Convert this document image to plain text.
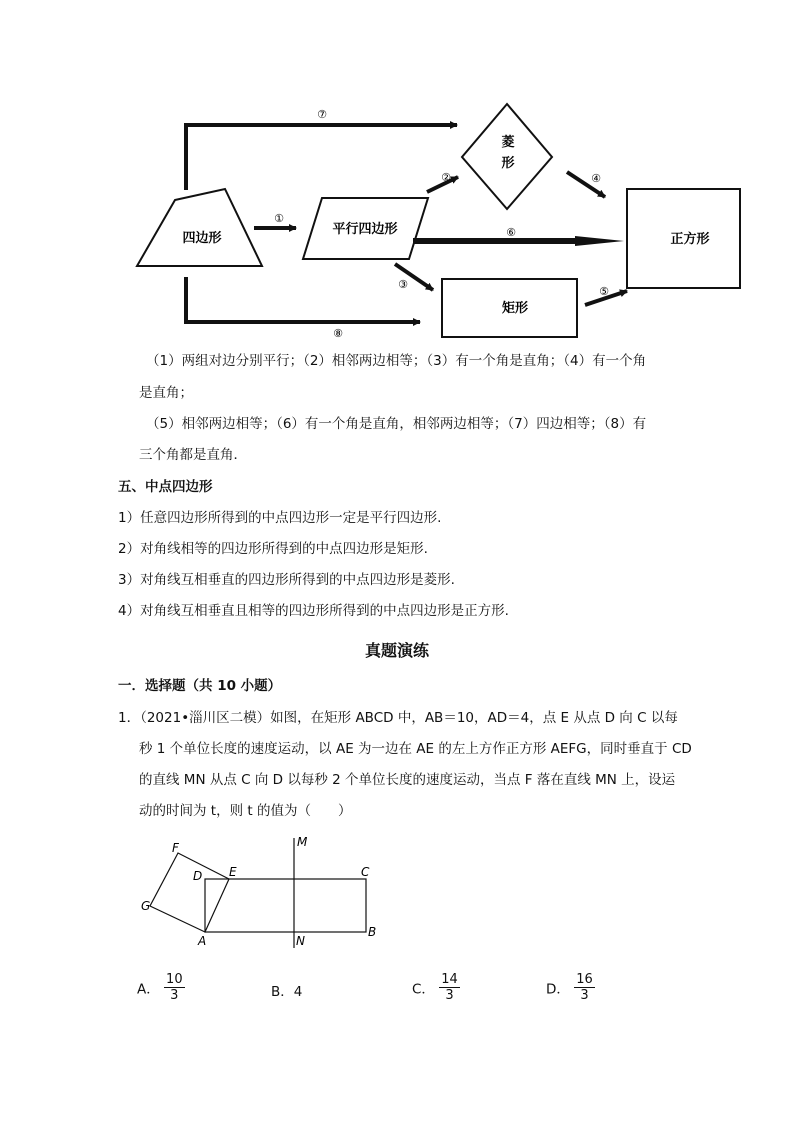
四边形
平行四边形
菱
形
矩形
正方形
①
②
③
④
⑤
⑥
⑦
⑧
（1）两组对边分别平行；（2）相邻两边相等；（3）有一个角是直角；（4）有一个角
是直角；
（5）相邻两边相等；（6）有一个角是直角，相邻两边相等；（7）四边相等；（8）有
三个角都是直角．
五、中点四边形
1）任意四边形所得到的中点四边形一定是平行四边形.
2）对角线相等的四边形所得到的中点四边形是矩形.
3）对角线互相垂直的四边形所得到的中点四边形是菱形.
4）对角线互相垂直且相等的四边形所得到的中点四边形是正方形.
真题演练
一．选择题（共 10 小题）
1．（2021•淄川区二模）如图，在矩形 ABCD 中，AB＝10，AD＝4，点 E 从点 D 向 C 以每
秒 1 个单位长度的速度运动，以 AE 为一边在 AE 的左上方作正方形 AEFG，同时垂直于 CD
的直线 MN 从点 C 向 D 以每秒 2 个单位长度的速度运动，当点 F 落在直线 MN 上，设运
动的时间为 t，则 t 的值为（　　）
F
D E
G
A
M
N
C
B
A． $\frac{10}{3}$	B．4	C． $\frac{14}{3}$	D． $\frac{16}{3}$
